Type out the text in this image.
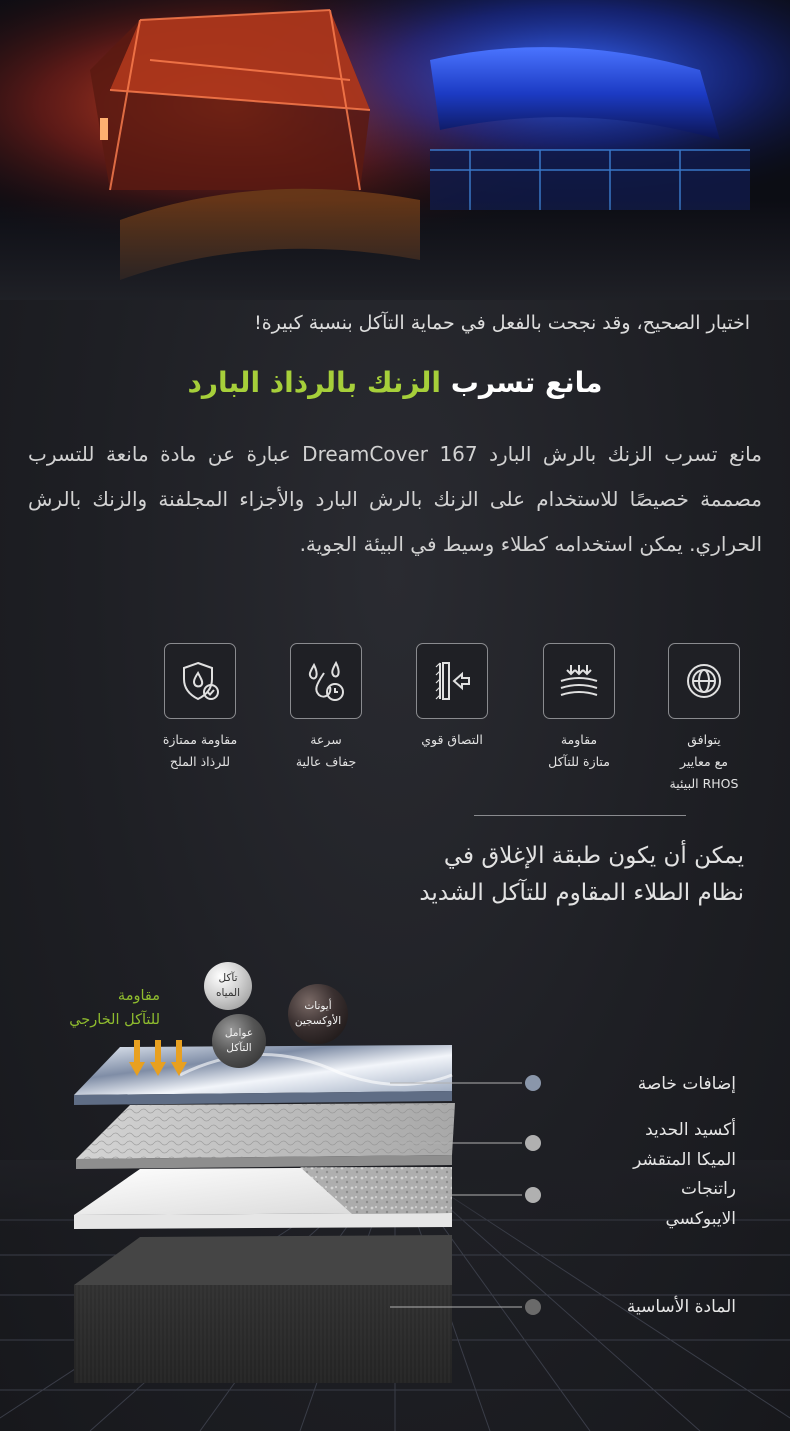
اختيار الصحيح، وقد نجحت بالفعل في حماية التآكل بنسبة كبيرة!
مانع تسرب الزنك بالرذاذ البارد
مانع تسرب الزنك بالرش البارد DreamCover 167 عبارة عن مادة مانعة للتسرب مصممة خصيصًا للاستخدام على الزنك بالرش البارد والأجزاء المجلفنة والزنك بالرش الحراري. يمكن استخدامه كطلاء وسيط في البيئة الجوية.
يتوافق
مع معايير
RHOS البيئية
مقاومة
متازة للتآكل
التصاق قوي
سرعة
جفاف عالية
مقاومة ممتازة
للرذاذ الملح
يمكن أن يكون طبقة الإغلاق في
نظام الطلاء المقاوم للتآكل الشديد
مقاومة
للتآكل الخارجي
تآكل
المياه
عوامل
التآكل
أيونات
الأوكسجين
إضافات خاصة
أكسيد الحديد
الميكا المتقشر
راتنجات
الايبوكسي
المادة الأساسية
